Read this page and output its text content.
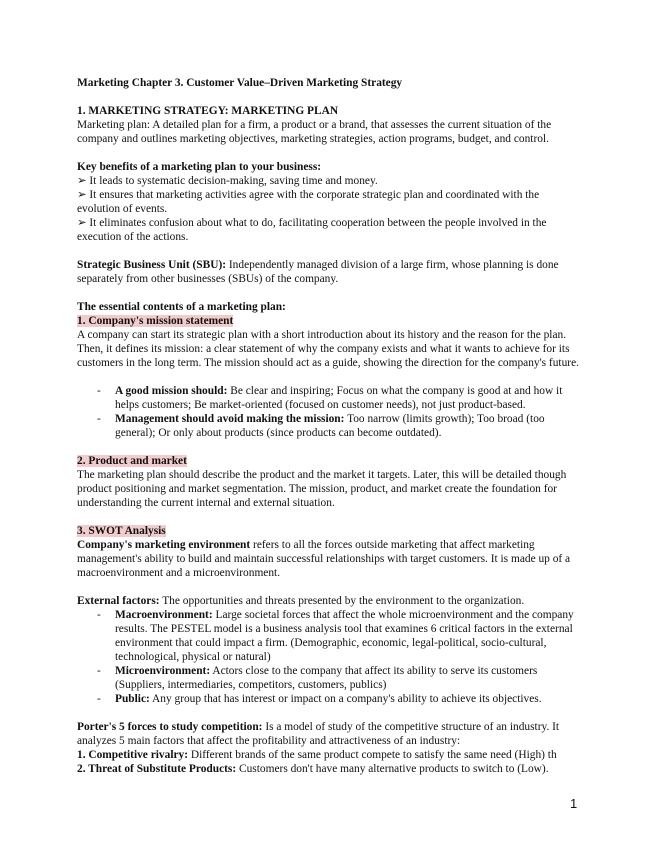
Marketing Chapter 3. Customer Value–Driven Marketing Strategy

1. MARKETING STRATEGY: MARKETING PLAN

Marketing plan: A detailed plan for a firm, a product or a brand, that assesses the current situation of the company and outlines marketing objectives, marketing strategies, action programs, budget, and control.

Key benefits of a marketing plan to your business:

➢ It leads to systematic decision-making, saving time and money.

➢ It ensures that marketing activities agree with the corporate strategic plan and coordinated with the evolution of events.

➢ It eliminates confusion about what to do, facilitating cooperation between the people involved in the execution of the actions.

Strategic Business Unit (SBU): Independently managed division of a large firm, whose planning is done separately from other businesses (SBUs) of the company.

The essential contents of a marketing plan:

1. Company's mission statement

A company can start its strategic plan with a short introduction about its history and the reason for the plan. Then, it defines its mission: a clear statement of why the company exists and what it wants to achieve for its customers in the long term. The mission should act as a guide, showing the direction for the company's future.

- A good mission should: Be clear and inspiring; Focus on what the company is good at and how it helps customers; Be market-oriented (focused on customer needs), not just product-based.
- Management should avoid making the mission: Too narrow (limits growth); Too broad (too general); Or only about products (since products can become outdated).

2. Product and market

The marketing plan should describe the product and the market it targets. Later, this will be detailed though product positioning and market segmentation. The mission, product, and market create the foundation for understanding the current internal and external situation.

3. SWOT Analysis

Company's marketing environment refers to all the forces outside marketing that affect marketing management's ability to build and maintain successful relationships with target customers. It is made up of a macroenvironment and a microenvironment.

External factors: The opportunities and threats presented by the environment to the organization.

- Macroenvironment: Large societal forces that affect the whole microenvironment and the company results. The PESTEL model is a business analysis tool that examines 6 critical factors in the external environment that could impact a firm. (Demographic, economic, legal-political, socio-cultural, technological, physical or natural)
- Microenvironment: Actors close to the company that affect its ability to serve its customers (Suppliers, intermediaries, competitors, customers, publics)
- Public: Any group that has interest or impact on a company's ability to achieve its objectives.

Porter's 5 forces to study competition: Is a model of study of the competitive structure of an industry. It analyzes 5 main factors that affect the profitability and attractiveness of an industry:

1. Competitive rivalry: Different brands of the same product compete to satisfy the same need (High) th

2. Threat of Substitute Products: Customers don't have many alternative products to switch to (Low).

1
